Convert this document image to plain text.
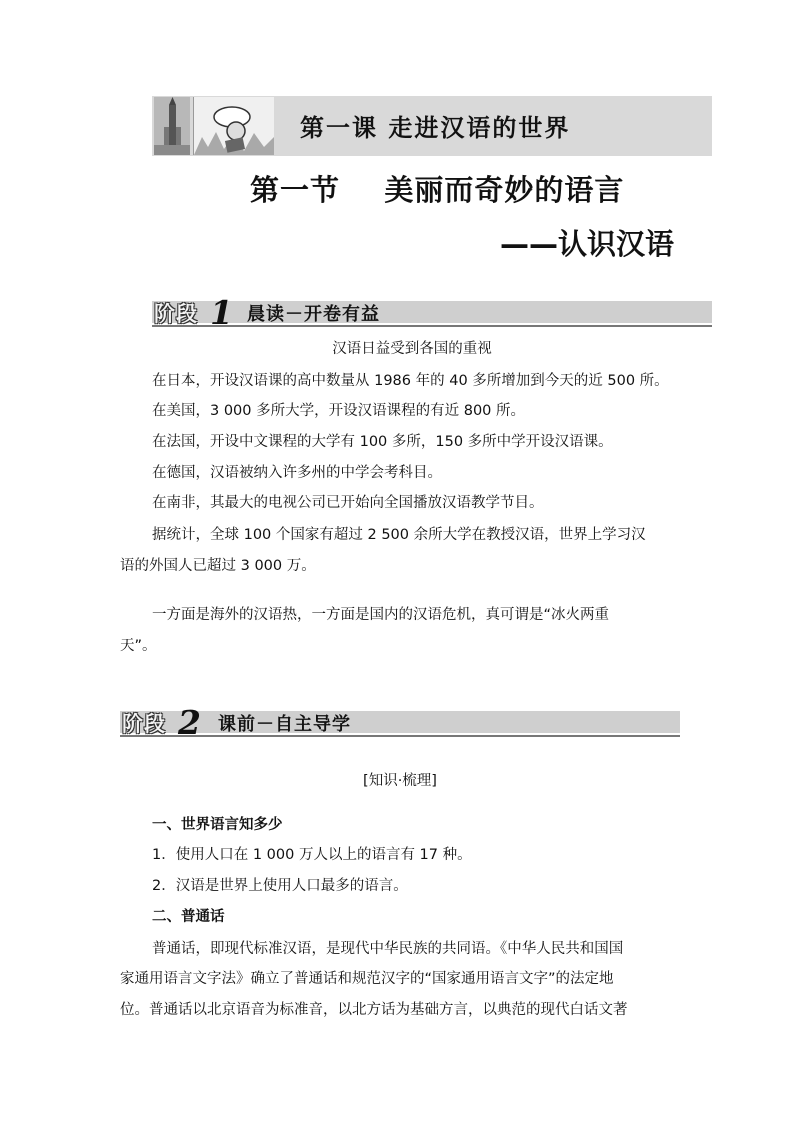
第一课 走进汉语的世界
第一节    美丽而奇妙的语言
——认识汉语
阶段 1 晨读－开卷有益
汉语日益受到各国的重视
在日本，开设汉语课的高中数量从 1986 年的 40 多所增加到今天的近 500 所。
在美国，3 000 多所大学，开设汉语课程的有近 800 所。
在法国，开设中文课程的大学有 100 多所，150 多所中学开设汉语课。
在德国，汉语被纳入许多州的中学会考科目。
在南非，其最大的电视公司已开始向全国播放汉语教学节目。
据统计，全球 100 个国家有超过 2 500 余所大学在教授汉语，世界上学习汉
语的外国人已超过 3 000 万。
一方面是海外的汉语热，一方面是国内的汉语危机，真可谓是“冰火两重
天”。
阶段 2 课前－自主导学
[知识·梳理]
一、世界语言知多少
1．使用人口在 1 000 万人以上的语言有 17 种。
2．汉语是世界上使用人口最多的语言。
二、普通话
普通话，即现代标准汉语，是现代中华民族的共同语。《中华人民共和国国
家通用语言文字法》确立了普通话和规范汉字的“国家通用语言文字”的法定地
位。普通话以北京语音为标准音，以北方话为基础方言，以典范的现代白话文著
